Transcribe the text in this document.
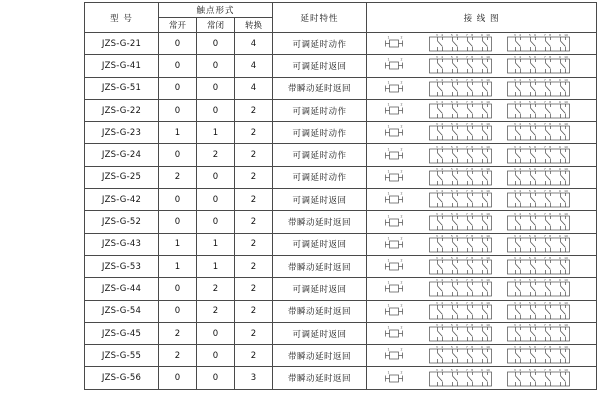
型 号	触点形式			延时特性	接 线 图
	常开	常闭	转换		
JZS-G-21	0	0	4	可调延时动作	
1	2
3 4	5 6	7 8	9 10	3 4	5 6	7 8	9 10

JZS-G-41	0	0	4	可调延时返回	
1	2
3 4	5 6	7 8	9 10	3 4	5 6	7 8	9 10

JZS-G-51	0	0	4	带瞬动延时返回	
1	2
3 4	5 6	7 8	9 10	3 4	5 6	7 8	9 10

JZS-G-22	0	0	2	可调延时动作	
1	2
3 4	5 6	7 8	9 10	3 4	5 6	7 8	9 10

JZS-G-23	1	1	2	可调延时动作	
1	2
3 4	5 6	7 8	9 10	3 4	5 6	7 8	9 10

JZS-G-24	0	2	2	可调延时动作	
1	2
3 4	5 6	7 8	9 10	3 4	5 6	7 8	9 10

JZS-G-25	2	0	2	可调延时动作	
1	2
3 4	5 6	7 8	9 10	3 4	5 6	7 8	9 10

JZS-G-42	0	0	2	可调延时返回	
1	2
3 4	5 6	7 8	9 10	3 4	5 6	7 8	9 10

JZS-G-52	0	0	2	带瞬动延时返回	
1	2
3 4	5 6	7 8	9 10	3 4	5 6	7 8	9 10

JZS-G-43	1	1	2	可调延时返回	
1	2
3 4	5 6	7 8	9 10	3 4	5 6	7 8	9 10

JZS-G-53	1	1	2	带瞬动延时返回	
1	2
3 4	5 6	7 8	9 10	3 4	5 6	7 8	9 10

JZS-G-44	0	2	2	可调延时返回	
1	2
3 4	5 6	7 8	9 10	3 4	5 6	7 8	9 10

JZS-G-54	0	2	2	带瞬动延时返回	
1	2
3 4	5 6	7 8	9 10	3 4	5 6	7 8	9 10

JZS-G-45	2	0	2	可调延时返回	
1	2
3 4	5 6	7 8	9 10	3 4	5 6	7 8	9 10

JZS-G-55	2	0	2	带瞬动延时返回	
1	2
3 4	5 6	7 8	9 10	3 4	5 6	7 8	9 10

JZS-G-56	0	0	3	带瞬动延时返回	
1	2
3 4	5 6	7 8	9 10	3 4	5 6	7 8	9 10
